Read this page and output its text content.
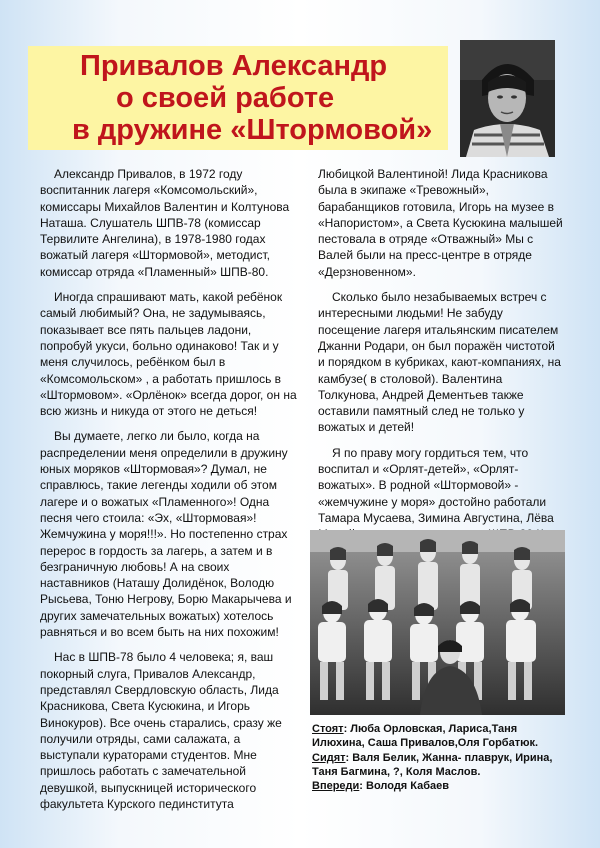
Привалов Александр
о своей работе
в дружине «Штормовой»

Александр Привалов, в 1972 году воспитанник лагеря «Комсомольский», комиссары Михайлов Валентин и Колтунова Наташа. Слушатель ШПВ-78 (комиссар Тервилите Ангелина), в 1978-1980 годах вожатый лагеря «Штормовой», методист, комиссар отряда «Пламенный» ШПВ-80.

Иногда спрашивают мать, какой ребёнок самый любимый? Она, не задумываясь, показывает все пять пальцев ладони, попробуй укуси, больно одинаково! Так и у меня случилось, ребёнком был в «Комсомольском» , а работать пришлось в «Штормовом». «Орлёнок» всегда дорог, он на всю жизнь и никуда от этого не деться!

Вы думаете, легко ли было, когда на распределении меня определили в дружину юных моряков «Штормовая»? Думал, не справлюсь, такие легенды ходили об этом лагере и о вожатых «Пламенного»! Одна песня чего стоила: «Эх, «Штормовая»! Жемчужина у моря!!!». Но постепенно страх перерос в гордость за лагерь, а затем и в безграничную любовь! А на своих наставников (Наташу Долидёнок, Володю Рысьева, Тоню Негрову, Борю Макарычева и других замечательных вожатых) хотелось равняться и во всем быть на них похожим!

Нас в ШПВ-78 было 4 человека; я, ваш покорный слуга, Привалов Александр, представлял Свердловскую область, Лида Красникова, Света Кусюкина, и Игорь Винокуров). Все очень старались, сразу же получили отряды, сами салажата, а выступали кураторами студентов. Мне пришлось работать с замечательной девушкой, выпускницей исторического факультета Курского пединститута

Любицкой Валентиной! Лида Красникова была в экипаже «Тревожный», барабанщиков готовила, Игорь на музее в «Напористом», а Света Кусюкина малышей пестовала в отряде «Отважный» Мы с Валей были на пресс-центре в отряде «Дерзновенном».

Сколько было незабываемых встреч с интересными людьми! Не забуду посещение лагеря итальянским писателем Джанни Родари, он был поражён чистотой и порядком в кубриках, кают-компаниях, на камбузе( в столовой). Валентина Толкунова, Андрей Дементьев также оставили памятный след не только у вожатых и детей!

Я по праву могу гордиться тем, что воспитал и «Орлят-детей», «Орлят-вожатых». В родной «Штормовой» - «жемчужине у моря» достойно работали Тамара Мусаева, Зимина Августина, Лёва

Стоят: Люба Орловская, Лариса,Таня Илюхина, Саша Привалов,Оля Горбатюк.
Сидят: Валя Белик, Жанна- плаврук, Ирина, Таня Багмина, ?, Коля Маслов.
Впереди: Володя Кабаев
